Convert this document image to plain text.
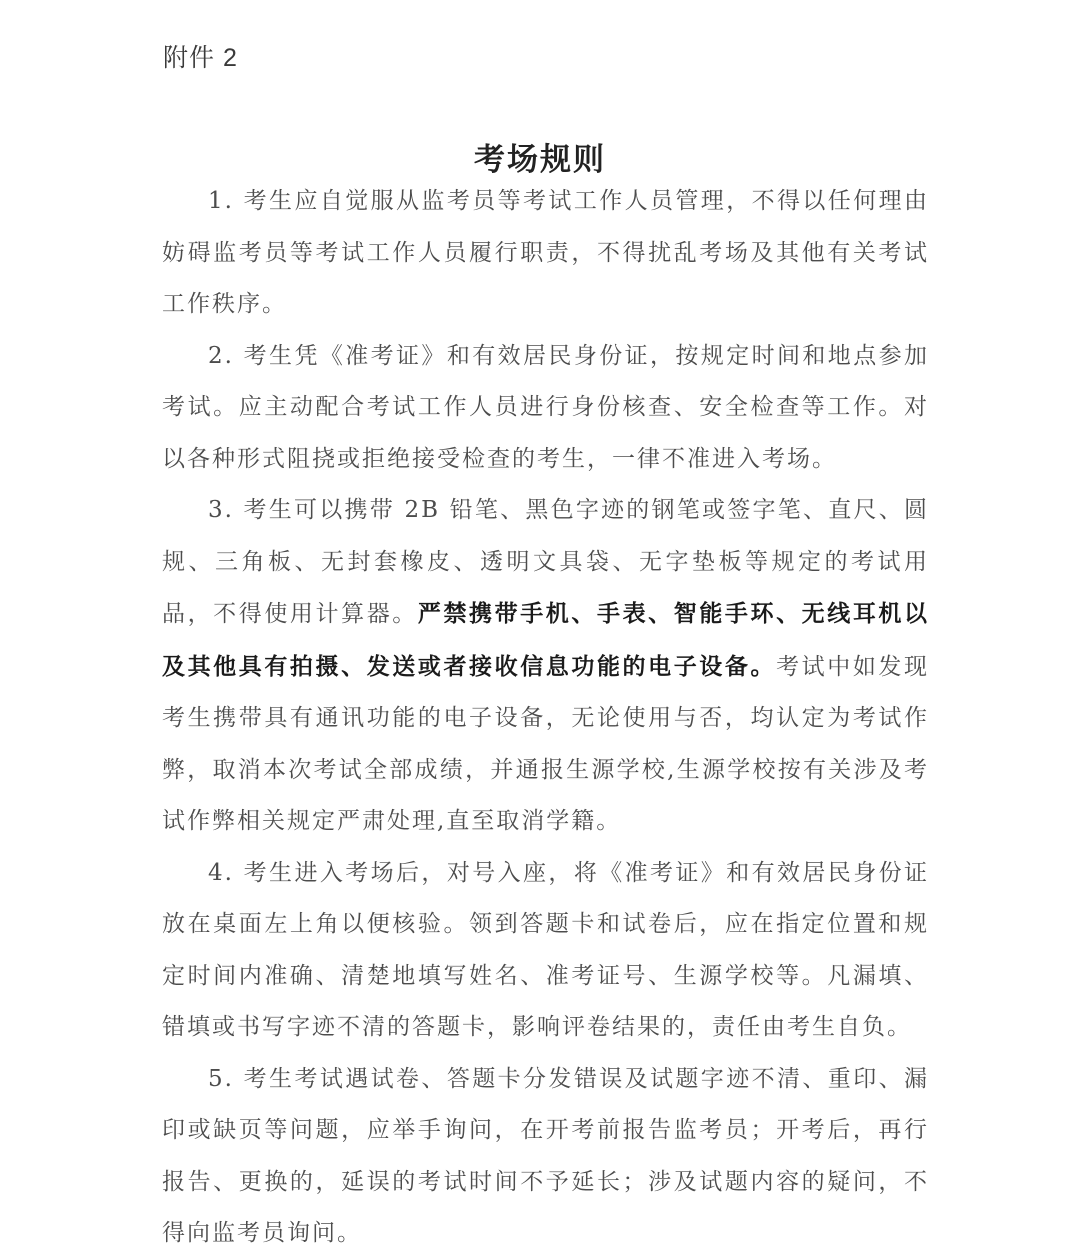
附件 2
考场规则

1. 考生应自觉服从监考员等考试工作人员管理，不得以任何理由妨碍监考员等考试工作人员履行职责，不得扰乱考场及其他有关考试工作秩序。

2. 考生凭《准考证》和有效居民身份证，按规定时间和地点参加考试。应主动配合考试工作人员进行身份核查、安全检查等工作。对以各种形式阻挠或拒绝接受检查的考生，一律不准进入考场。

3. 考生可以携带 2B 铅笔、黑色字迹的钢笔或签字笔、直尺、圆规、三角板、无封套橡皮、透明文具袋、无字垫板等规定的考试用品，不得使用计算器。严禁携带手机、手表、智能手环、无线耳机以及其他具有拍摄、发送或者接收信息功能的电子设备。考试中如发现考生携带具有通讯功能的电子设备，无论使用与否，均认定为考试作弊，取消本次考试全部成绩，并通报生源学校,生源学校按有关涉及考试作弊相关规定严肃处理,直至取消学籍。

4. 考生进入考场后，对号入座，将《准考证》和有效居民身份证放在桌面左上角以便核验。领到答题卡和试卷后，应在指定位置和规定时间内准确、清楚地填写姓名、准考证号、生源学校等。凡漏填、错填或书写字迹不清的答题卡，影响评卷结果的，责任由考生自负。

5. 考生考试遇试卷、答题卡分发错误及试题字迹不清、重印、漏印或缺页等问题，应举手询问，在开考前报告监考员；开考后，再行报告、更换的，延误的考试时间不予延长；涉及试题内容的疑问，不得向监考员询问。
